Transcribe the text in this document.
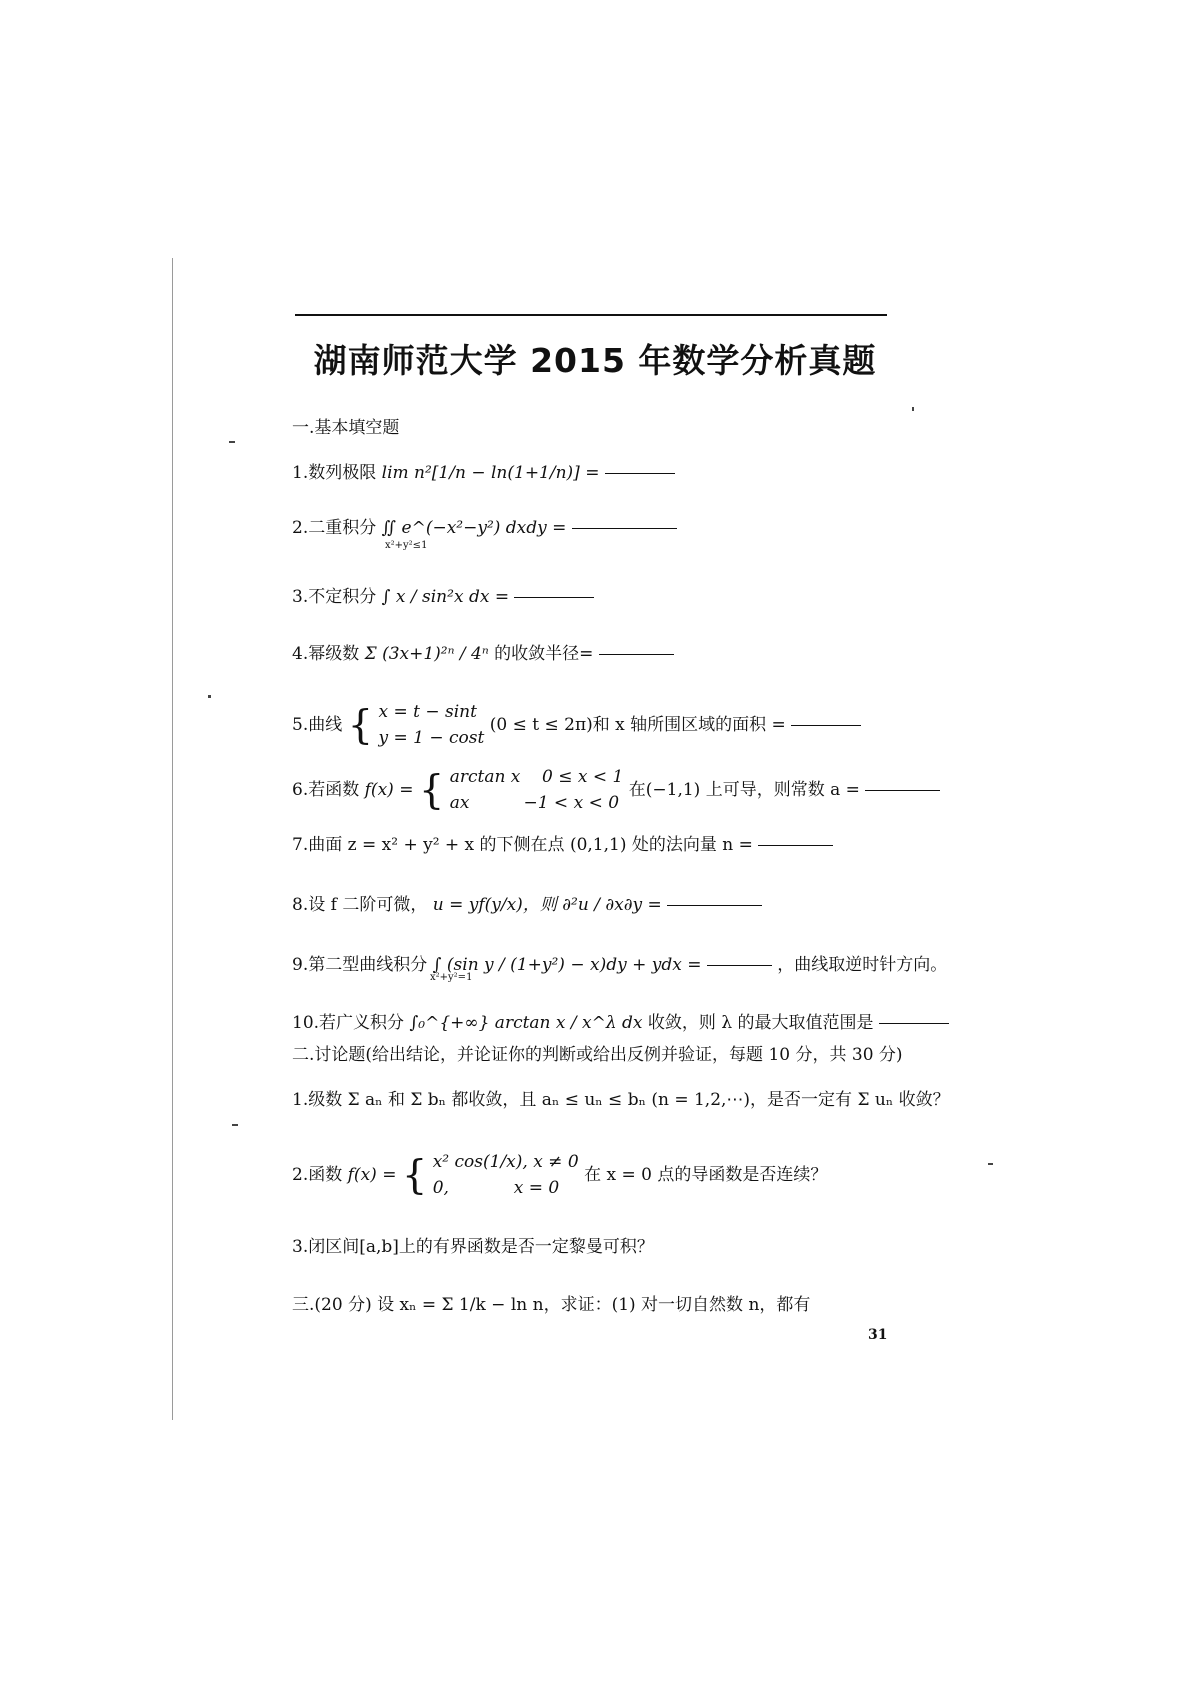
湖南师范大学 2015 年数学分析真题
一.基本填空题
1.数列极限 lim n²[1/n − ln(1+1/n)] =
2.二重积分 ∬ e^(−x²−y²) dxdy =
x²+y²≤1
3.不定积分 ∫ x / sin²x dx =
4.幂级数 Σ (3x+1)²ⁿ / 4ⁿ 的收敛半径=
5.曲线 { x = t − sint
y = 1 − cost
(0 ≤ t ≤ 2π)和 x 轴所围区域的面积 =
6.若函数 f(x) = { arctan x    0 ≤ x < 1
ax          −1 < x < 0
在(−1,1) 上可导，则常数 a =
7.曲面 z = x² + y² + x 的下侧在点 (0,1,1) 处的法向量 n =
8.设 f 二阶可微， u = yf(y/x)，则 ∂²u / ∂x∂y =
9.第二型曲线积分 ∫ (sin y / (1+y²) − x)dy + ydx =	，曲线取逆时针方向。
x²+y²=1
10.若广义积分 ∫₀^{+∞} arctan x / x^λ dx 收敛，则 λ 的最大取值范围是
二.讨论题(给出结论，并论证你的判断或给出反例并验证，每题 10 分，共 30 分)
1.级数 Σ aₙ 和 Σ bₙ 都收敛，且 aₙ ≤ uₙ ≤ bₙ (n = 1,2,⋯)，是否一定有 Σ uₙ 收敛？
2.函数 f(x) = { x² cos(1/x), x ≠ 0
0,            x = 0
在 x = 0 点的导函数是否连续？
3.闭区间[a,b]上的有界函数是否一定黎曼可积？
三.(20 分) 设 xₙ = Σ 1/k − ln n，求证：(1) 对一切自然数 n，都有
31
